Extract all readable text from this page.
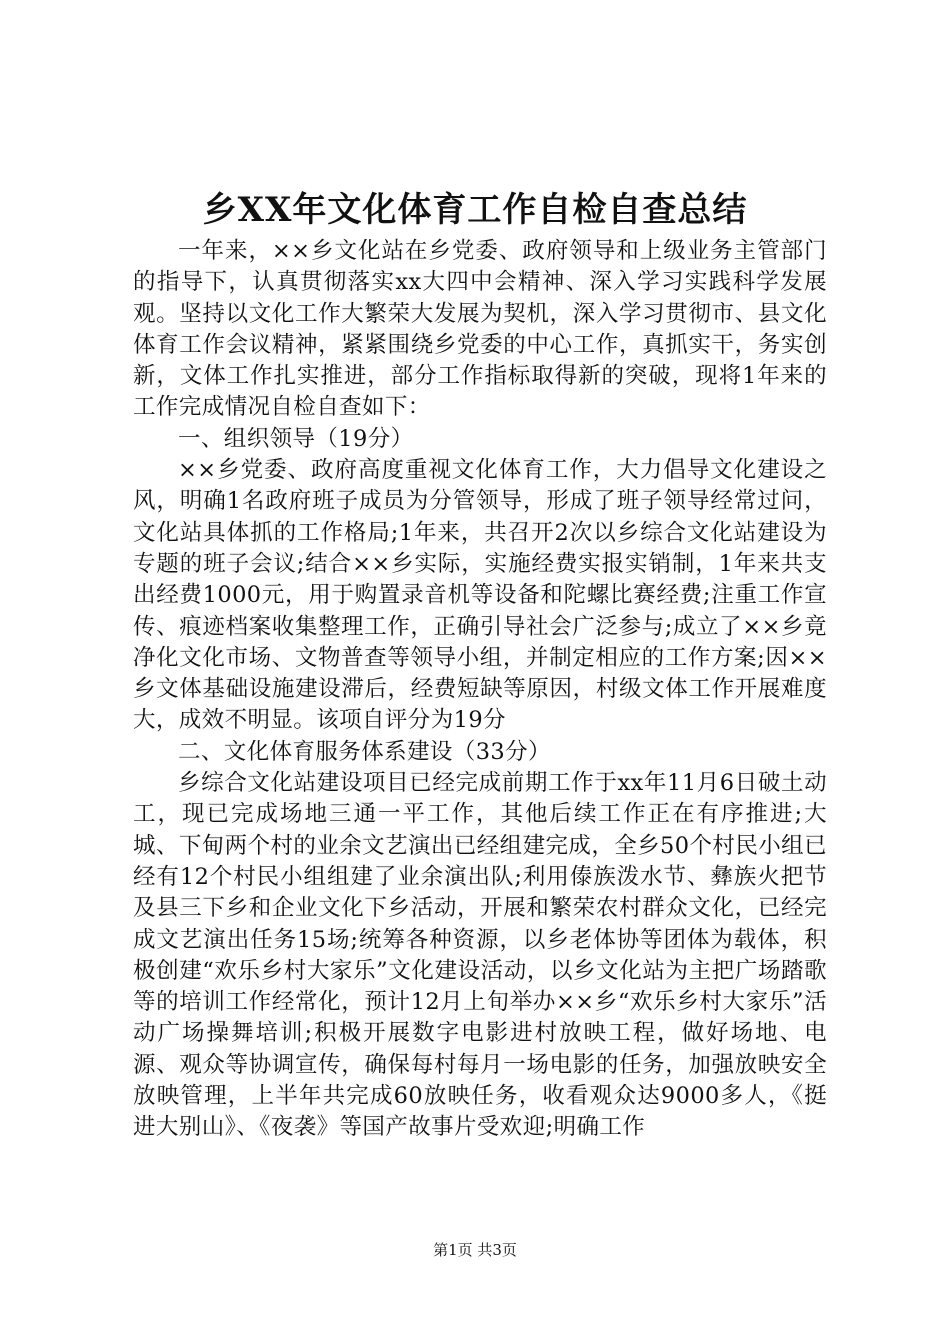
乡XX年文化体育工作自检自查总结

一年来，××乡文化站在乡党委、政府领导和上级业务主管部门的指导下，认真贯彻落实xx大四中会精神、深入学习实践科学发展观。坚持以文化工作大繁荣大发展为契机，深入学习贯彻市、县文化体育工作会议精神，紧紧围绕乡党委的中心工作，真抓实干，务实创新，文体工作扎实推进，部分工作指标取得新的突破，现将1年来的工作完成情况自检自查如下：

一、组织领导（19分）

××乡党委、政府高度重视文化体育工作，大力倡导文化建设之风，明确1名政府班子成员为分管领导，形成了班子领导经常过问，文化站具体抓的工作格局;1年来，共召开2次以乡综合文化站建设为专题的班子会议;结合××乡实际，实施经费实报实销制，1年来共支出经费1000元，用于购置录音机等设备和陀螺比赛经费;注重工作宣传、痕迹档案收集整理工作，正确引导社会广泛参与;成立了××乡竟净化文化市场、文物普查等领导小组，并制定相应的工作方案;因××乡文体基础设施建设滞后，经费短缺等原因，村级文体工作开展难度大，成效不明显。该项自评分为19分

二、文化体育服务体系建设（33分）

乡综合文化站建设项目已经完成前期工作于xx年11月6日破土动工，现已完成场地三通一平工作，其他后续工作正在有序推进;大城、下甸两个村的业余文艺演出已经组建完成，全乡50个村民小组已经有12个村民小组组建了业余演出队;利用傣族泼水节、彝族火把节及县三下乡和企业文化下乡活动，开展和繁荣农村群众文化，已经完成文艺演出任务15场;统筹各种资源，以乡老体协等团体为载体，积极创建“欢乐乡村大家乐”文化建设活动，以乡文化站为主把广场踏歌等的培训工作经常化，预计12月上旬举办××乡“欢乐乡村大家乐”活动广场操舞培训;积极开展数字电影进村放映工程，做好场地、电源、观众等协调宣传，确保每村每月一场电影的任务，加强放映安全放映管理，上半年共完成60放映任务，收看观众达9000多人，《挺进大别山》、《夜袭》等国产故事片受欢迎;明确工作

第1页 共3页
